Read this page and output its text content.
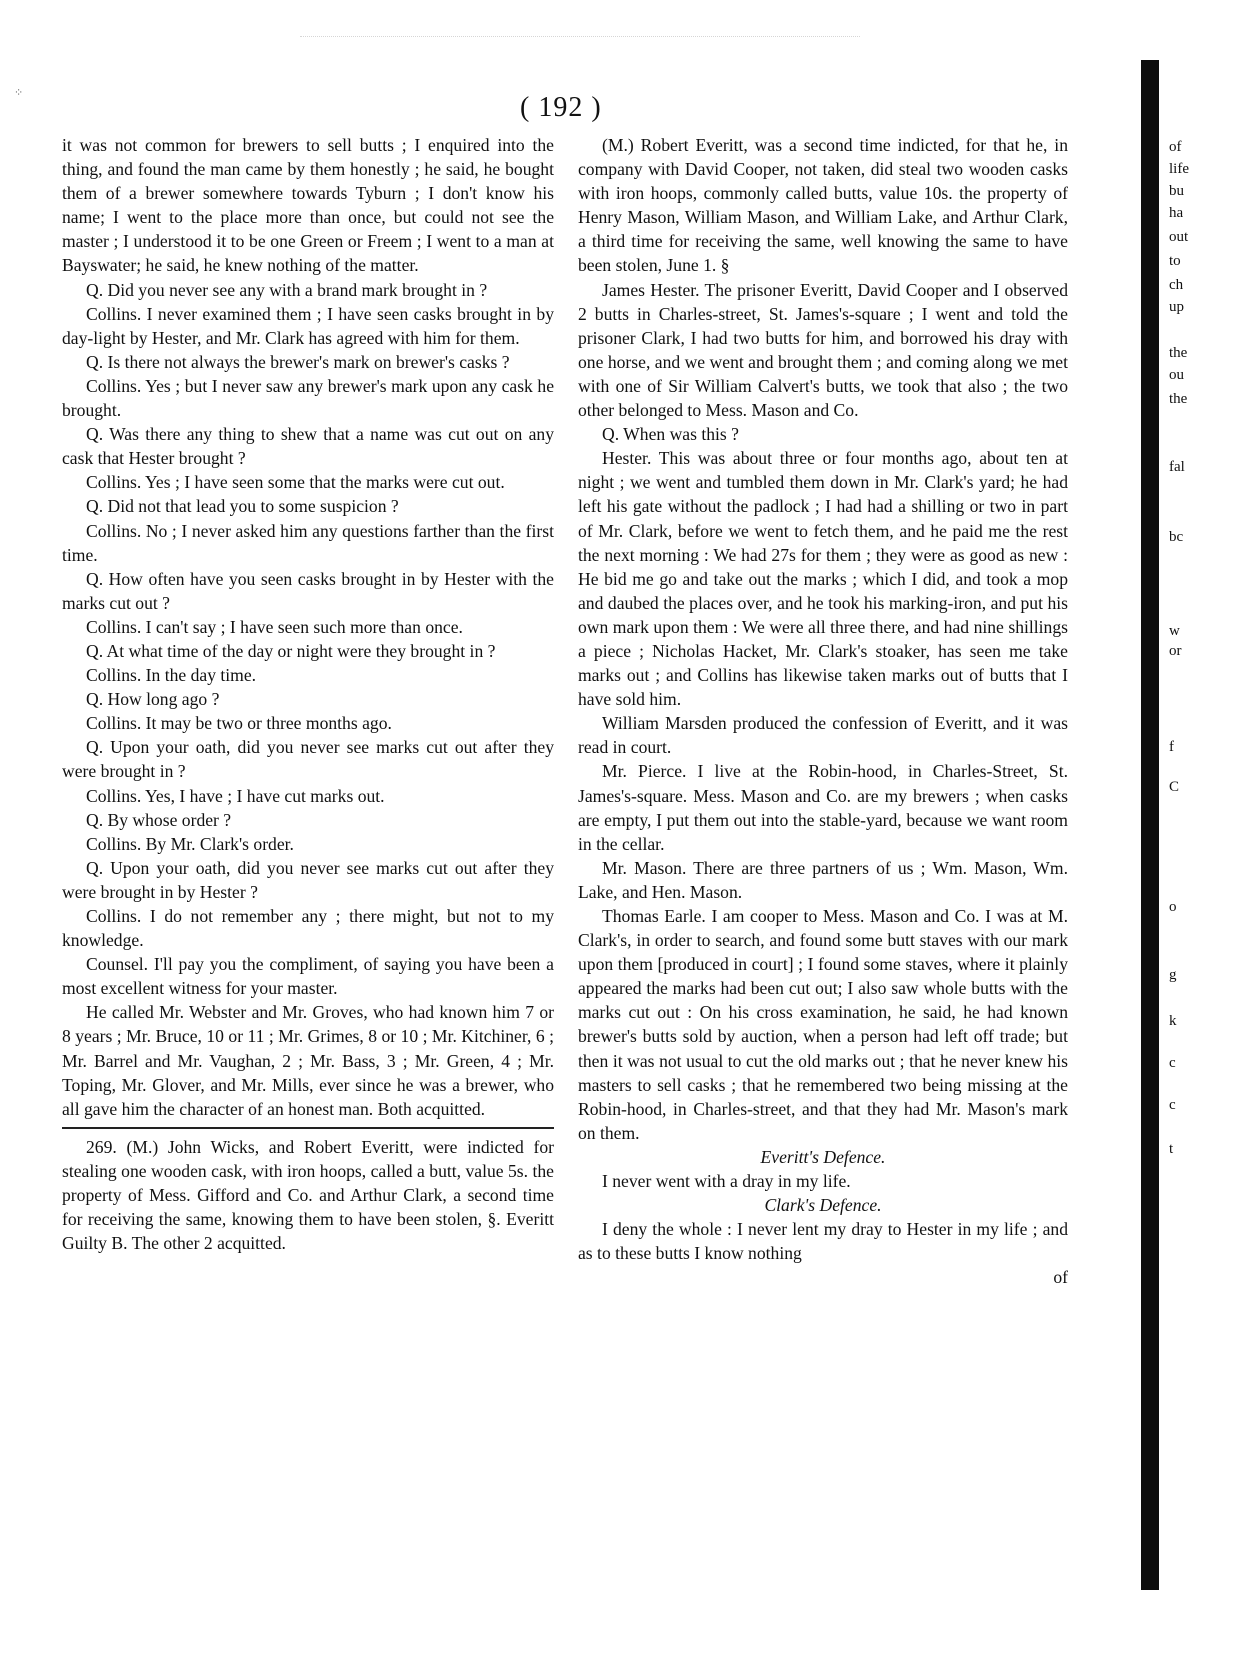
⁘	( 192 )

it was not common for brewers to sell butts ; I enquired into the thing, and found the man came by them honestly ; he said, he bought them of a brewer somewhere towards Tyburn ; I don't know his name; I went to the place more than once, but could not see the master ; I understood it to be one Green or Freem ; I went to a man at Bayswater; he said, he knew nothing of the matter.

Q. Did you never see any with a brand mark brought in ?

Collins. I never examined them ; I have seen casks brought in by day-light by Hester, and Mr. Clark has agreed with him for them.

Q. Is there not always the brewer's mark on brewer's casks ?

Collins. Yes ; but I never saw any brewer's mark upon any cask he brought.

Q. Was there any thing to shew that a name was cut out on any cask that Hester brought ?

Collins. Yes ; I have seen some that the marks were cut out.

Q. Did not that lead you to some suspicion ?

Collins. No ; I never asked him any questions farther than the first time.

Q. How often have you seen casks brought in by Hester with the marks cut out ?

Collins. I can't say ; I have seen such more than once.

Q. At what time of the day or night were they brought in ?

Collins. In the day time.

Q. How long ago ?

Collins. It may be two or three months ago.

Q. Upon your oath, did you never see marks cut out after they were brought in ?

Collins. Yes, I have ; I have cut marks out.

Q. By whose order ?

Collins. By Mr. Clark's order.

Q. Upon your oath, did you never see marks cut out after they were brought in by Hester ?

Collins. I do not remember any ; there might, but not to my knowledge.

Counsel. I'll pay you the compliment, of saying you have been a most excellent witness for your master.

He called Mr. Webster and Mr. Groves, who had known him 7 or 8 years ; Mr. Bruce, 10 or 11 ; Mr. Grimes, 8 or 10 ; Mr. Kitchiner, 6 ; Mr. Barrel and Mr. Vaughan, 2 ; Mr. Bass, 3 ; Mr. Green, 4 ; Mr. Toping, Mr. Glover, and Mr. Mills, ever since he was a brewer, who all gave him the character of an honest man. Both acquitted.

269. (M.) John Wicks, and Robert Everitt, were indicted for stealing one wooden cask, with iron hoops, called a butt, value 5s. the property of Mess. Gifford and Co. and Arthur Clark, a second time for receiving the same, knowing them to have been stolen, §. Everitt Guilty B. The other 2 acquitted.

(M.) Robert Everitt, was a second time indicted, for that he, in company with David Cooper, not taken, did steal two wooden casks with iron hoops, commonly called butts, value 10s. the property of Henry Mason, William Mason, and William Lake, and Arthur Clark, a third time for receiving the same, well knowing the same to have been stolen, June 1. §

James Hester. The prisoner Everitt, David Cooper and I observed 2 butts in Charles-street, St. James's-square ; I went and told the prisoner Clark, I had two butts for him, and borrowed his dray with one horse, and we went and brought them ; and coming along we met with one of Sir William Calvert's butts, we took that also ; the two other belonged to Mess. Mason and Co.

Q. When was this ?

Hester. This was about three or four months ago, about ten at night ; we went and tumbled them down in Mr. Clark's yard; he had left his gate without the padlock ; I had had a shilling or two in part of Mr. Clark, before we went to fetch them, and he paid me the rest the next morning : We had 27s for them ; they were as good as new : He bid me go and take out the marks ; which I did, and took a mop and daubed the places over, and he took his marking-iron, and put his own mark upon them : We were all three there, and had nine shillings a piece ; Nicholas Hacket, Mr. Clark's stoaker, has seen me take marks out ; and Collins has likewise taken marks out of butts that I have sold him.

William Marsden produced the confession of Everitt, and it was read in court.

Mr. Pierce. I live at the Robin-hood, in Charles-Street, St. James's-square. Mess. Mason and Co. are my brewers ; when casks are empty, I put them out into the stable-yard, because we want room in the cellar.

Mr. Mason. There are three partners of us ; Wm. Mason, Wm. Lake, and Hen. Mason.

Thomas Earle. I am cooper to Mess. Mason and Co. I was at M. Clark's, in order to search, and found some butt staves with our mark upon them [produced in court] ; I found some staves, where it plainly appeared the marks had been cut out; I also saw whole butts with the marks cut out : On his cross examination, he said, he had known brewer's butts sold by auction, when a person had left off trade; but then it was not usual to cut the old marks out ; that he never knew his masters to sell casks ; that he remembered two being missing at the Robin-hood, in Charles-street, and that they had Mr. Mason's mark on them.

Everitt's Defence.

I never went with a dray in my life.

Clark's Defence.

I deny the whole : I never lent my dray to Hester in my life ; and as to these butts I know nothing

of

of
life
bu
ha
out
to
ch
up
the
ou
the
fal
bc
w
or
f
C
o
g
k
c
c
t
